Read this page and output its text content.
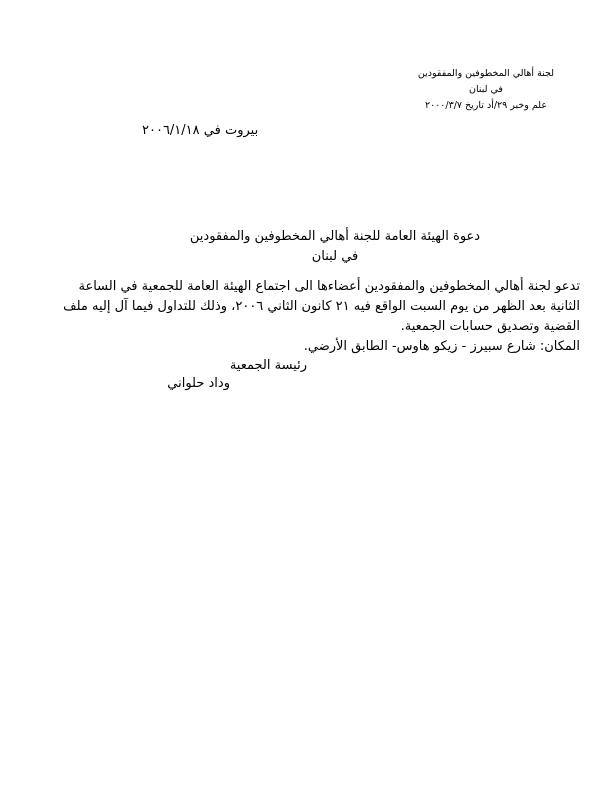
لجنة أهالي المخطوفين والمفقودين
في لبنان
علم وخبر ٢٩/أد تاريخ ٢٠٠٠/٣/٧
بيروت في ٢٠٠٦/١/١٨
دعوة الهيئة العامة للجنة أهالي المخطوفين والمفقودين
في لبنان
تدعو لجنة أهالي المخطوفين والمفقودين أعضاءها الى اجتماع الهيئة العامة للجمعية في الساعة
الثانية بعد الظهر من يوم السبت الواقع فيه ٢١ كانون الثاني ٢٠٠٦، وذلك للتداول فيما آل إليه ملف
القضية وتصديق حسابات الجمعية.
المكان: شارع سبيرز - زيكو هاوس- الطابق الأرضي.
رئيسة الجمعية
وداد حلواني
